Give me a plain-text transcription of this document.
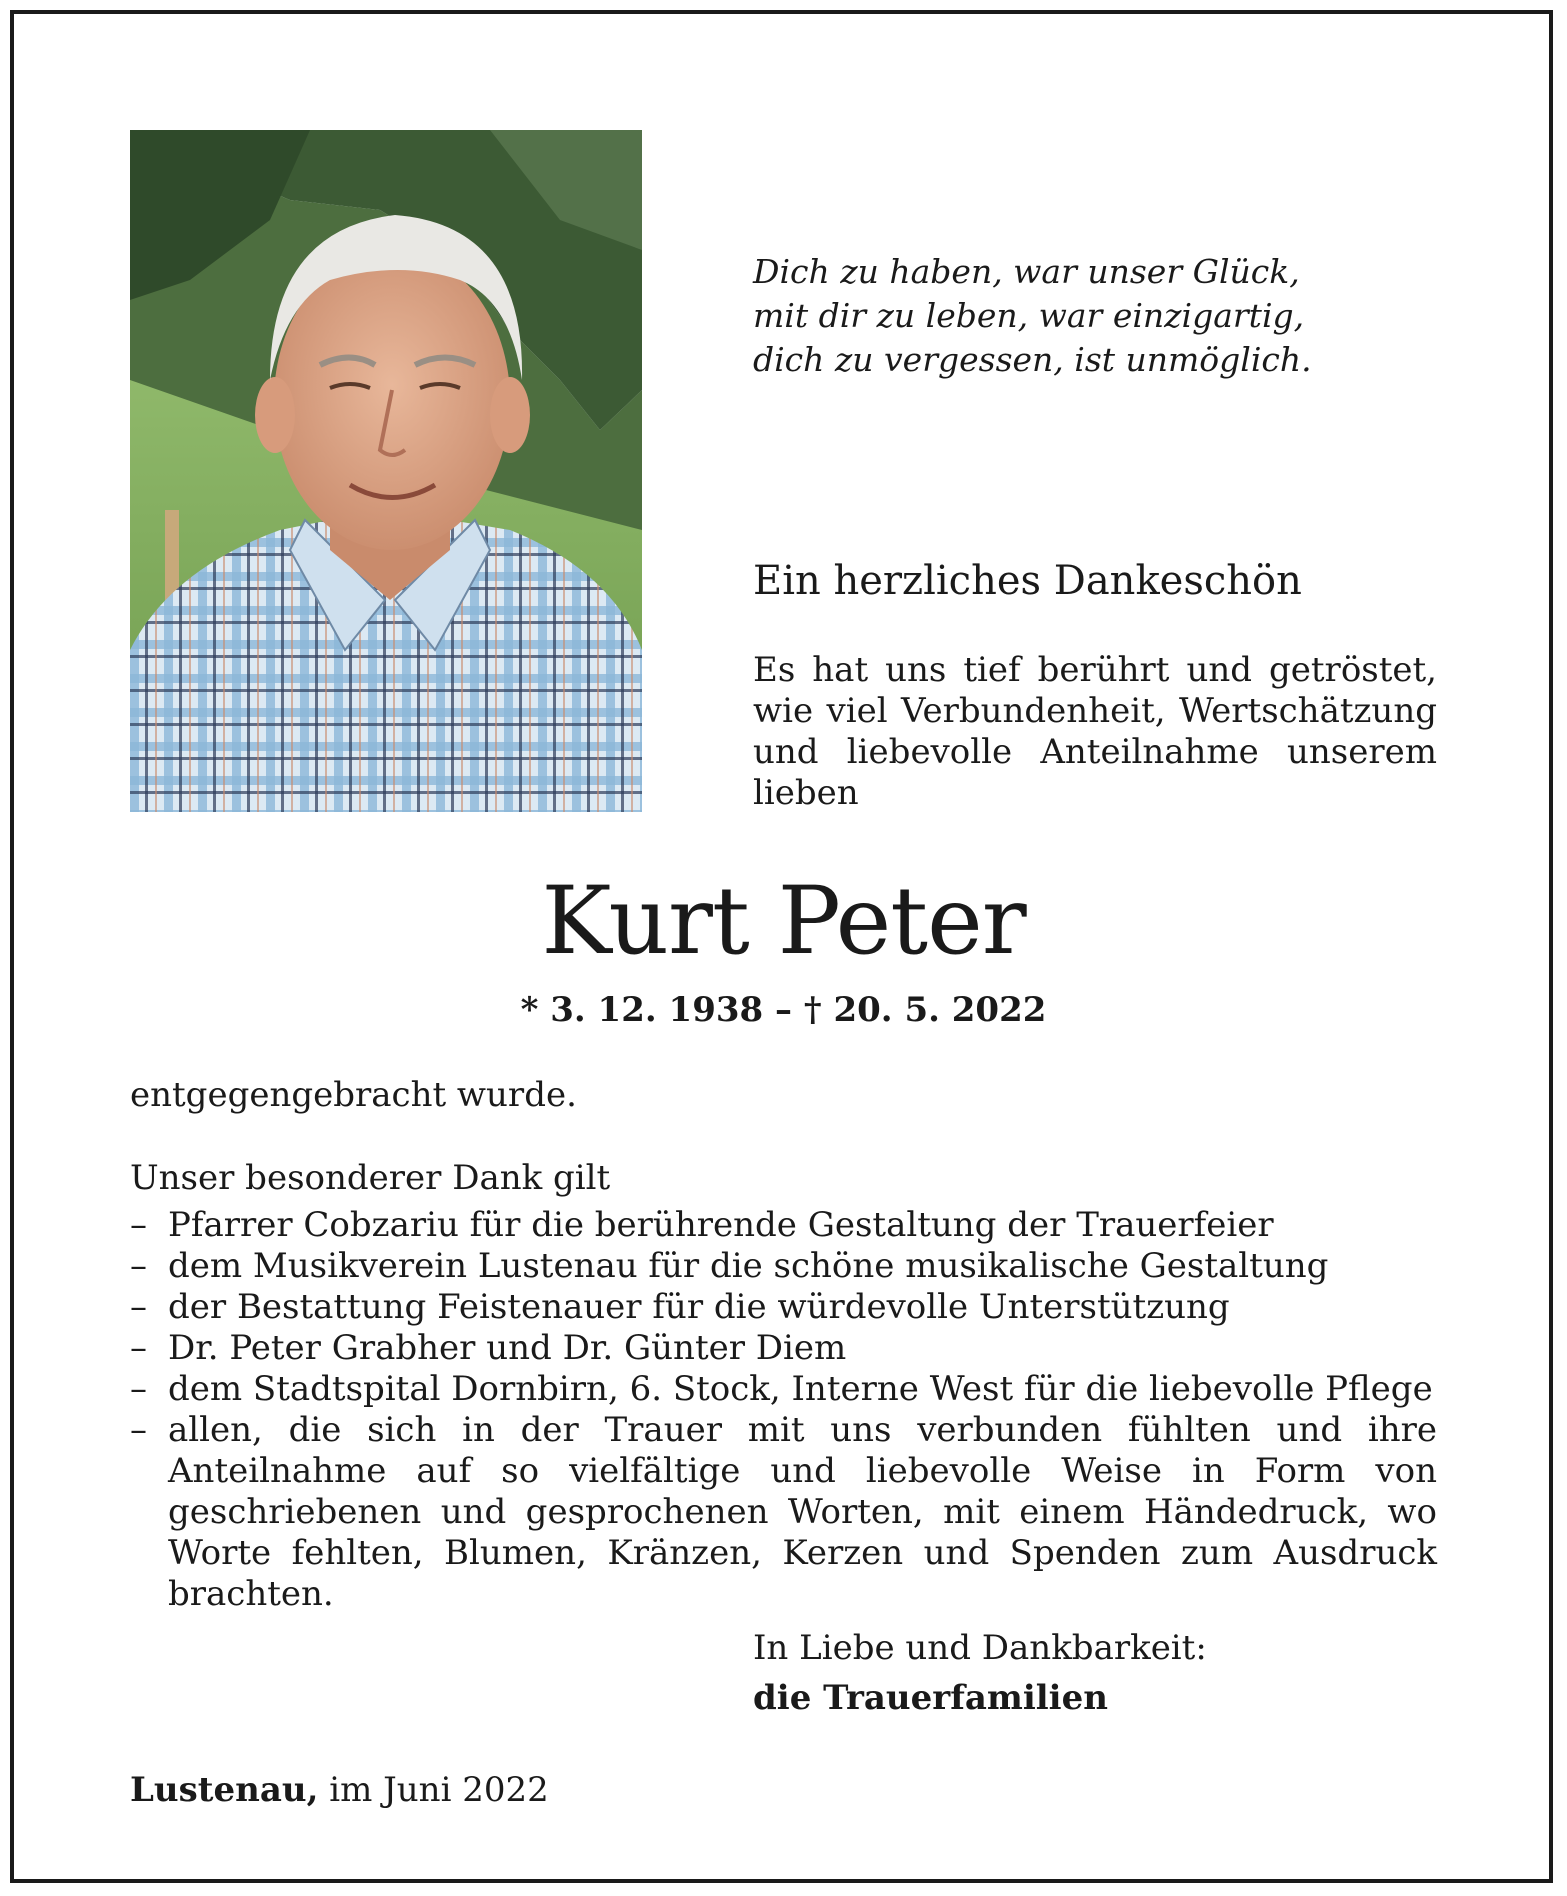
Dich zu haben, war unser Glück,
mit dir zu leben, war einzigartig,
dich zu vergessen, ist unmöglich.
Ein herzliches Dankeschön
Es hat uns tief berührt und getröstet, wie viel Verbundenheit, Wertschätzung und liebevolle Anteilnahme unserem lieben
Kurt Peter
* 3. 12. 1938 – † 20. 5. 2022
entgegengebracht wurde.
Unser besonderer Dank gilt
– Pfarrer Cobzariu für die berührende Gestaltung der Trauerfeier
– dem Musikverein Lustenau für die schöne musikalische Gestaltung
– der Bestattung Feistenauer für die würdevolle Unterstützung
– Dr. Peter Grabher und Dr. Günter Diem
– dem Stadtspital Dornbirn, 6. Stock, Interne West für die liebevolle Pflege
– allen, die sich in der Trauer mit uns verbunden fühlten und ihre Anteilnahme auf so vielfältige und liebevolle Weise in Form von geschriebenen und gesprochenen Worten, mit einem Händedruck, wo Worte fehlten, Blumen, Kränzen, Kerzen und Spenden zum Ausdruck brachten.
In Liebe und Dankbarkeit:
die Trauerfamilien
Lustenau, im Juni 2022
